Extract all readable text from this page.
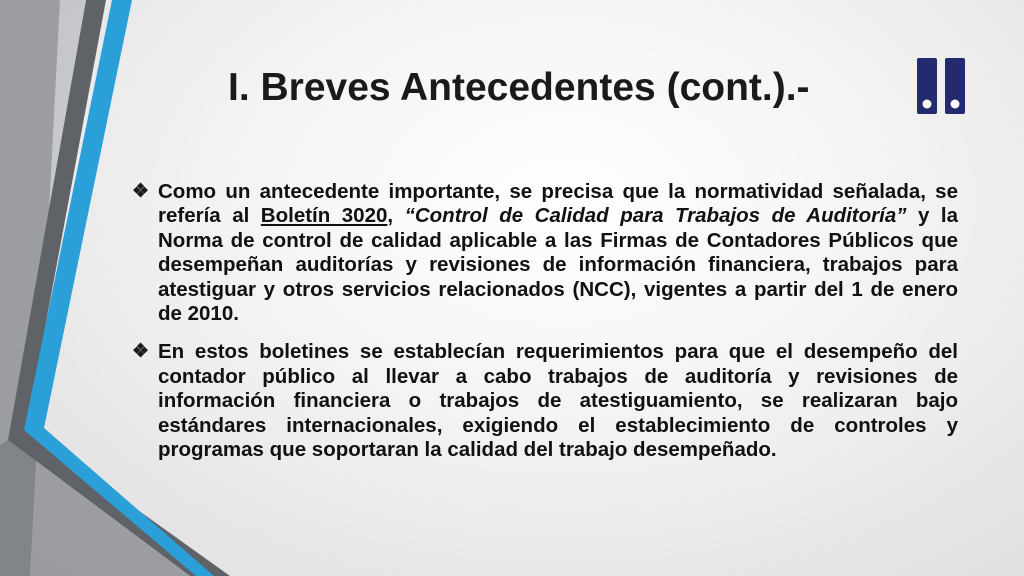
I. Breves Antecedentes (cont.).-
❖ Como un antecedente importante, se precisa que la normatividad señalada, se refería al Boletín 3020, “Control de Calidad para Trabajos de Auditoría” y la Norma de control de calidad aplicable a las Firmas de Contadores Públicos que desempeñan auditorías y revisiones de información financiera, trabajos para atestiguar y otros servicios relacionados (NCC), vigentes a partir del 1 de enero de 2010.
❖ En estos boletines se establecían requerimientos para que el desempeño del contador público al llevar a cabo trabajos de auditoría y revisiones de información financiera o trabajos de atestiguamiento, se realizaran bajo estándares internacionales, exigiendo el establecimiento de controles y programas que soportaran la calidad del trabajo desempeñado.
